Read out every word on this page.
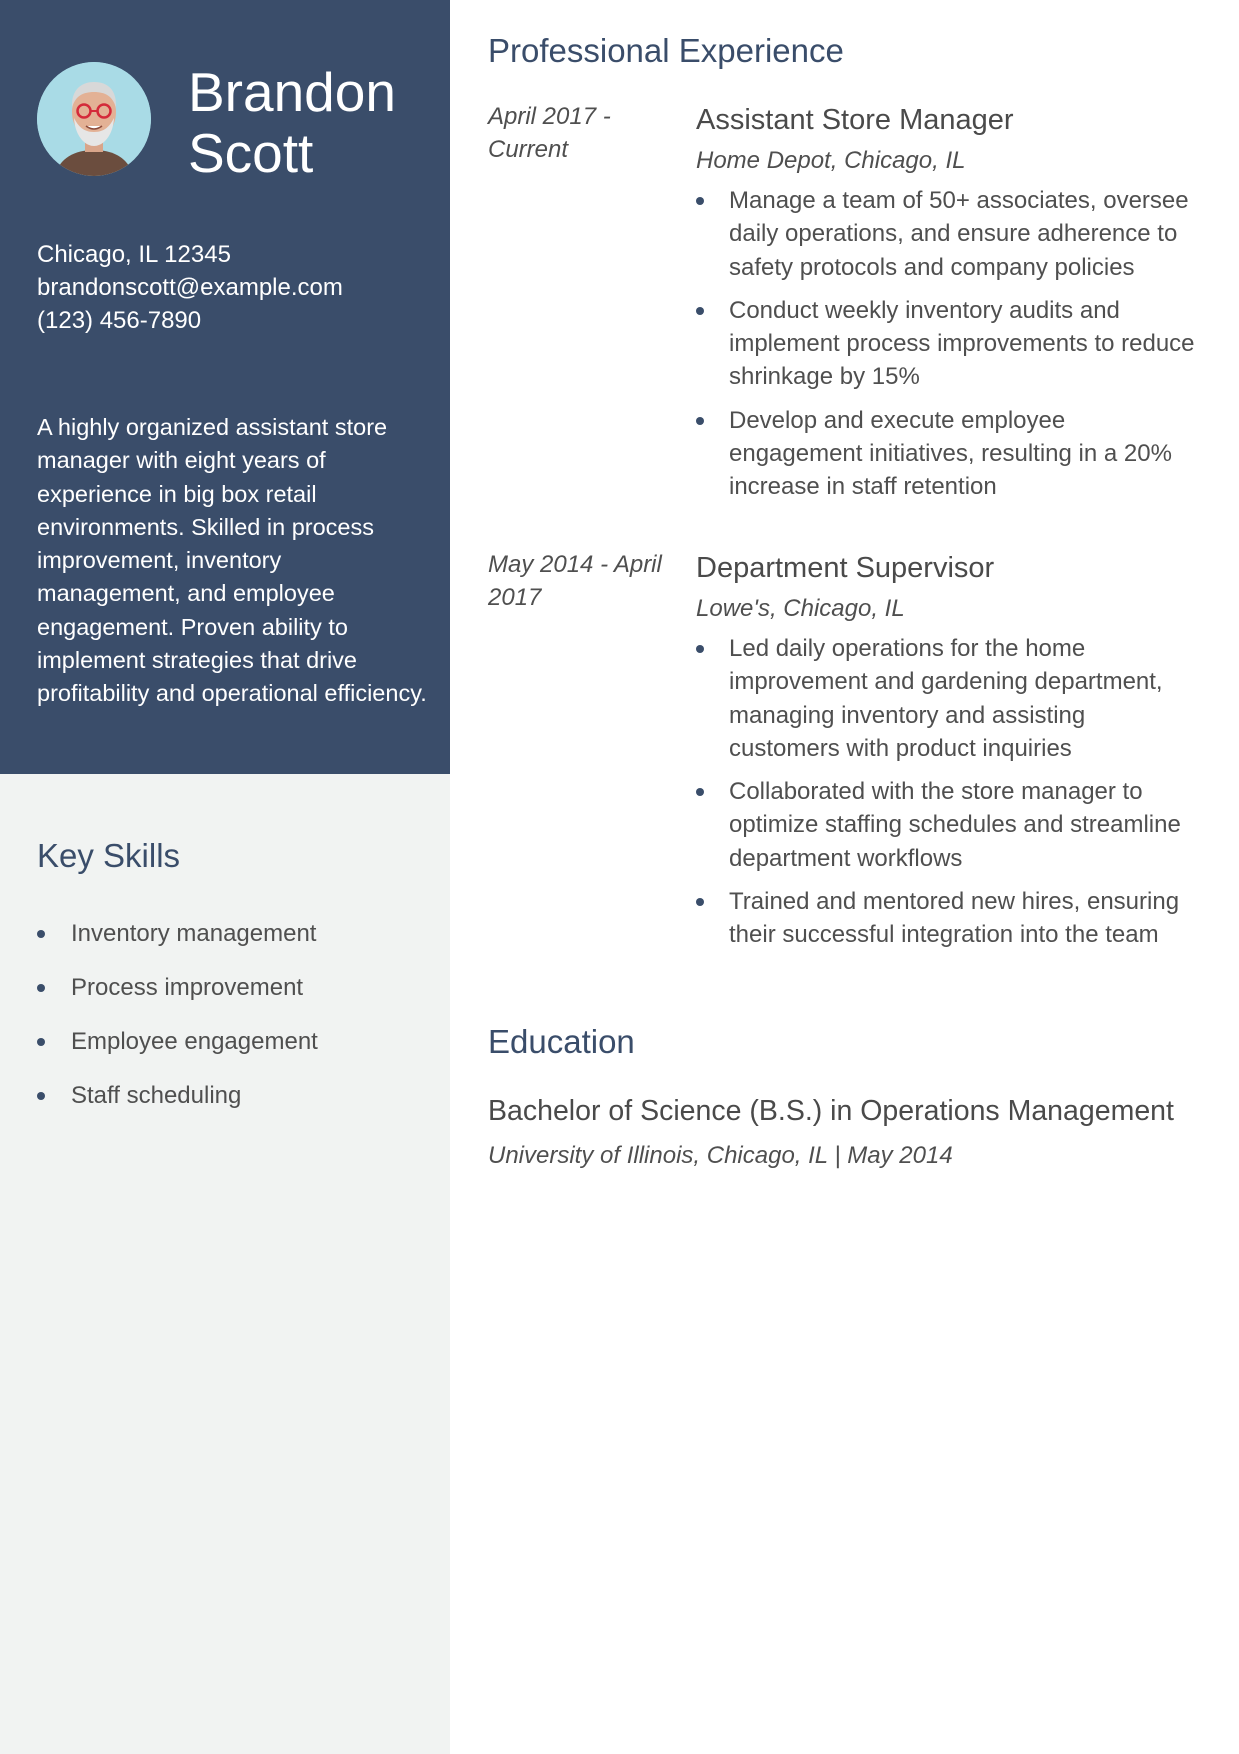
Brandon
Scott
Chicago, IL 12345
brandonscott@example.com
(123) 456-7890

A highly organized assistant store manager with eight years of experience in big box retail environments. Skilled in process improvement, inventory management, and employee engagement. Proven ability to implement strategies that drive profitability and operational efficiency.

Key Skills
Inventory management
Process improvement
Employee engagement
Staff scheduling
Professional Experience

April 2017 - Current

Assistant Store Manager

Home Depot, Chicago, IL

Manage a team of 50+ associates, oversee daily operations, and ensure adherence to safety protocols and company policies
Conduct weekly inventory audits and implement process improvements to reduce shrinkage by 15%
Develop and execute employee engagement initiatives, resulting in a 20% increase in staff retention

May 2014 - April 2017

Department Supervisor

Lowe's, Chicago, IL

Led daily operations for the home improvement and gardening department, managing inventory and assisting customers with product inquiries
Collaborated with the store manager to optimize staffing schedules and streamline department workflows
Trained and mentored new hires, ensuring their successful integration into the team
Education
Bachelor of Science (B.S.) in Operations Management

University of Illinois, Chicago, IL | May 2014
